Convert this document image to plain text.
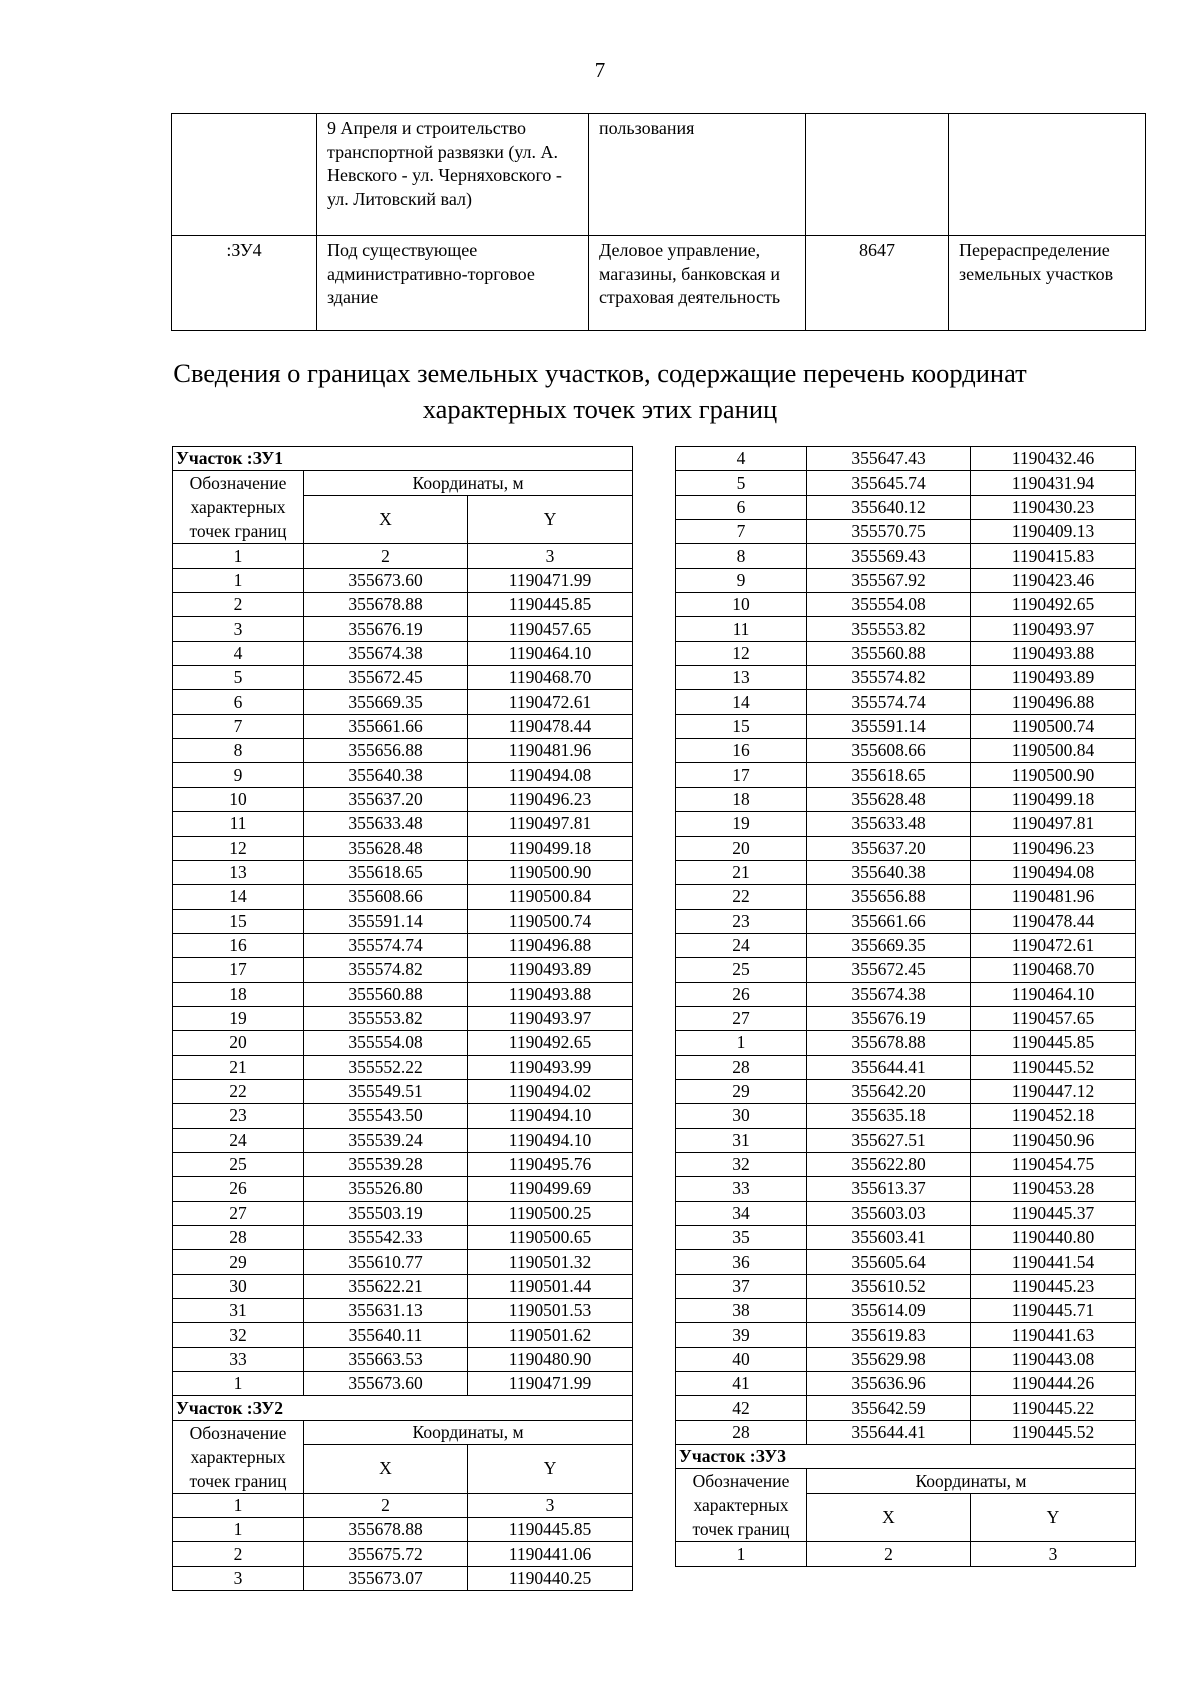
7
	9 Апреля и строительство транспортной развязки (ул. А. Невского - ул. Черняховского - ул. Литовский вал)	пользования		
:ЗУ4	Под существующее административно-торговое здание	Деловое управление, магазины, банковская и страховая деятельность	8647	Перераспределение земельных участков
Сведения о границах земельных участков, содержащие перечень координат характерных точек этих границ
Участок :ЗУ1		
Обозначение характерных точек границ	Координаты, м	
	X	Y

1	2	3
1	355673.60	1190471.99
2	355678.88	1190445.85
3	355676.19	1190457.65
4	355674.38	1190464.10
5	355672.45	1190468.70
6	355669.35	1190472.61
7	355661.66	1190478.44
8	355656.88	1190481.96
9	355640.38	1190494.08
10	355637.20	1190496.23
11	355633.48	1190497.81
12	355628.48	1190499.18
13	355618.65	1190500.90
14	355608.66	1190500.84
15	355591.14	1190500.74
16	355574.74	1190496.88
17	355574.82	1190493.89
18	355560.88	1190493.88
19	355553.82	1190493.97
20	355554.08	1190492.65
21	355552.22	1190493.99
22	355549.51	1190494.02
23	355543.50	1190494.10
24	355539.24	1190494.10
25	355539.28	1190495.76
26	355526.80	1190499.69
27	355503.19	1190500.25
28	355542.33	1190500.65
29	355610.77	1190501.32
30	355622.21	1190501.44
31	355631.13	1190501.53
32	355640.11	1190501.62
33	355663.53	1190480.90
1	355673.60	1190471.99
Участок :ЗУ2		
Обозначение характерных точек границ	Координаты, м	
	X	Y

1	2	3
1	355678.88	1190445.85
2	355675.72	1190441.06
3	355673.07	1190440.25
4	355647.43	1190432.46
5	355645.74	1190431.94
6	355640.12	1190430.23
7	355570.75	1190409.13
8	355569.43	1190415.83
9	355567.92	1190423.46
10	355554.08	1190492.65
11	355553.82	1190493.97
12	355560.88	1190493.88
13	355574.82	1190493.89
14	355574.74	1190496.88
15	355591.14	1190500.74
16	355608.66	1190500.84
17	355618.65	1190500.90
18	355628.48	1190499.18
19	355633.48	1190497.81
20	355637.20	1190496.23
21	355640.38	1190494.08
22	355656.88	1190481.96
23	355661.66	1190478.44
24	355669.35	1190472.61
25	355672.45	1190468.70
26	355674.38	1190464.10
27	355676.19	1190457.65
1	355678.88	1190445.85
28	355644.41	1190445.52
29	355642.20	1190447.12
30	355635.18	1190452.18
31	355627.51	1190450.96
32	355622.80	1190454.75
33	355613.37	1190453.28
34	355603.03	1190445.37
35	355603.41	1190440.80
36	355605.64	1190441.54
37	355610.52	1190445.23
38	355614.09	1190445.71
39	355619.83	1190441.63
40	355629.98	1190443.08
41	355636.96	1190444.26
42	355642.59	1190445.22
28	355644.41	1190445.52
Участок :ЗУ3		
Обозначение характерных точек границ	Координаты, м	
	X	Y

1	2	3
